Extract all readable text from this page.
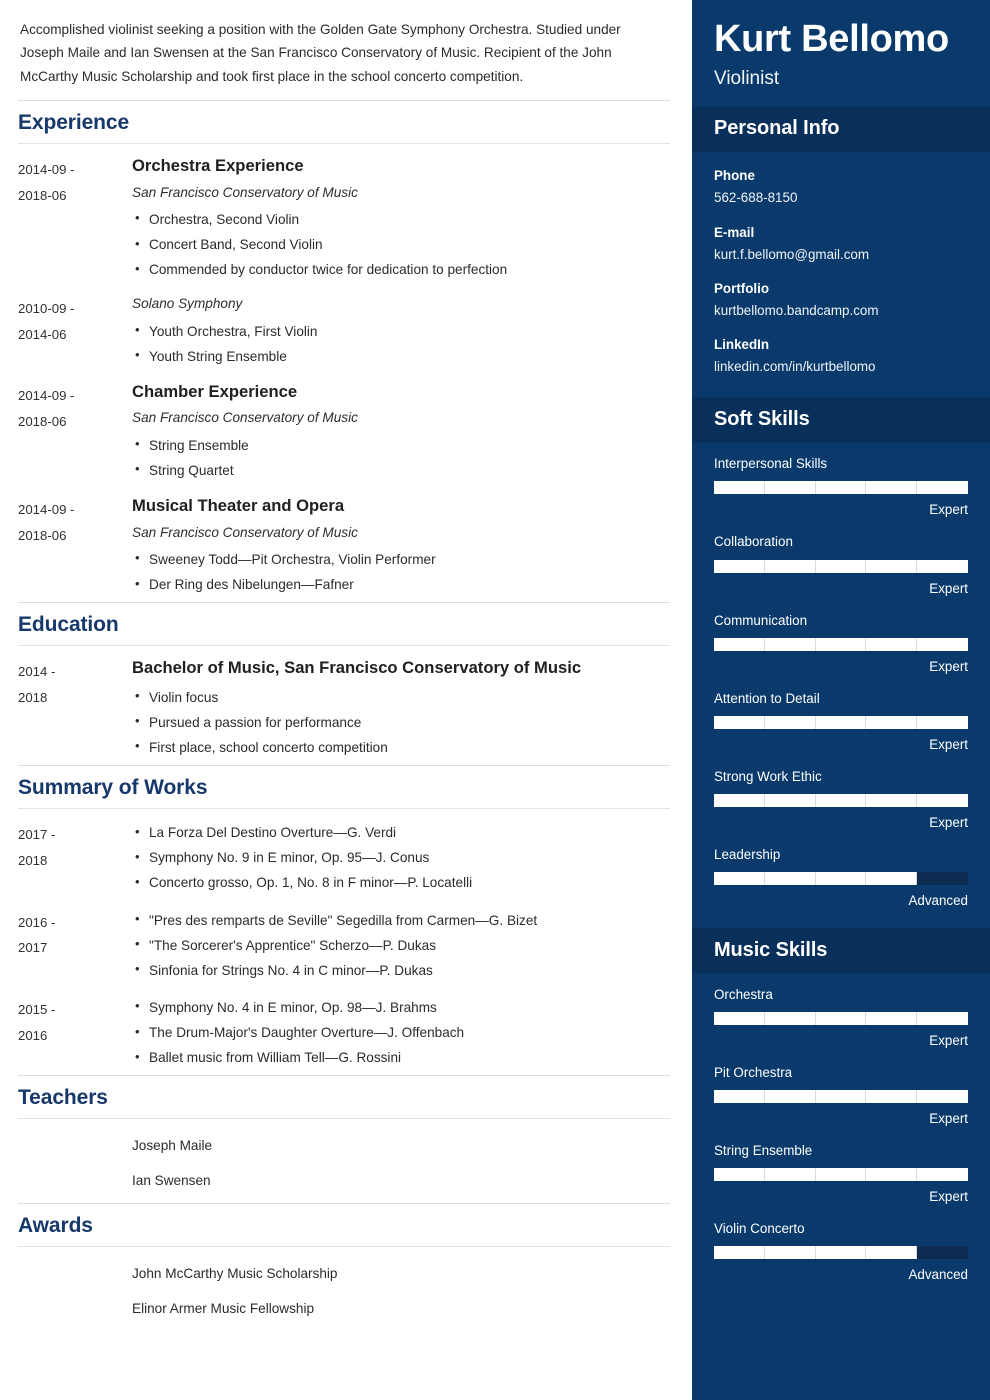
Accomplished violinist seeking a position with the Golden Gate Symphony Orchestra. Studied under Joseph Maile and Ian Swensen at the San Francisco Conservatory of Music. Recipient of the John McCarthy Music Scholarship and took first place in the school concerto competition.

Experience
2014-09 -
2018-06
Orchestra Experience
San Francisco Conservatory of Music
• Orchestra, Second Violin
• Concert Band, Second Violin
• Commended by conductor twice for dedication to perfection
2010-09 -
2014-06
Solano Symphony
• Youth Orchestra, First Violin
• Youth String Ensemble
2014-09 -
2018-06
Chamber Experience
San Francisco Conservatory of Music
• String Ensemble
• String Quartet
2014-09 -
2018-06
Musical Theater and Opera
San Francisco Conservatory of Music
• Sweeney Todd—Pit Orchestra, Violin Performer
• Der Ring des Nibelungen—Fafner
Education
2014 -
2018
Bachelor of Music, San Francisco Conservatory of Music
• Violin focus
• Pursued a passion for performance
• First place, school concerto competition
Summary of Works
2017 -
2018
• La Forza Del Destino Overture—G. Verdi
• Symphony No. 9 in E minor, Op. 95—J. Conus
• Concerto grosso, Op. 1, No. 8 in F minor—P. Locatelli
2016 -
2017
• "Pres des remparts de Seville" Segedilla from Carmen—G. Bizet
• "The Sorcerer's Apprentice" Scherzo—P. Dukas
• Sinfonia for Strings No. 4 in C minor—P. Dukas
2015 -
2016
• Symphony No. 4 in E minor, Op. 98—J. Brahms
• The Drum-Major's Daughter Overture—J. Offenbach
• Ballet music from William Tell—G. Rossini
Teachers
Joseph Maile
Ian Swensen
Awards
John McCarthy Music Scholarship
Elinor Armer Music Fellowship
Kurt Bellomo
Violinist
Personal Info
Phone
562-688-8150
E-mail
kurt.f.bellomo@gmail.com
Portfolio
kurtbellomo.bandcamp.com
LinkedIn
linkedin.com/in/kurtbellomo
Soft Skills
Interpersonal Skills
Expert
Collaboration
Expert
Communication
Expert
Attention to Detail
Expert
Strong Work Ethic
Expert
Leadership
Advanced
Music Skills
Orchestra
Expert
Pit Orchestra
Expert
String Ensemble
Expert
Violin Concerto
Advanced
